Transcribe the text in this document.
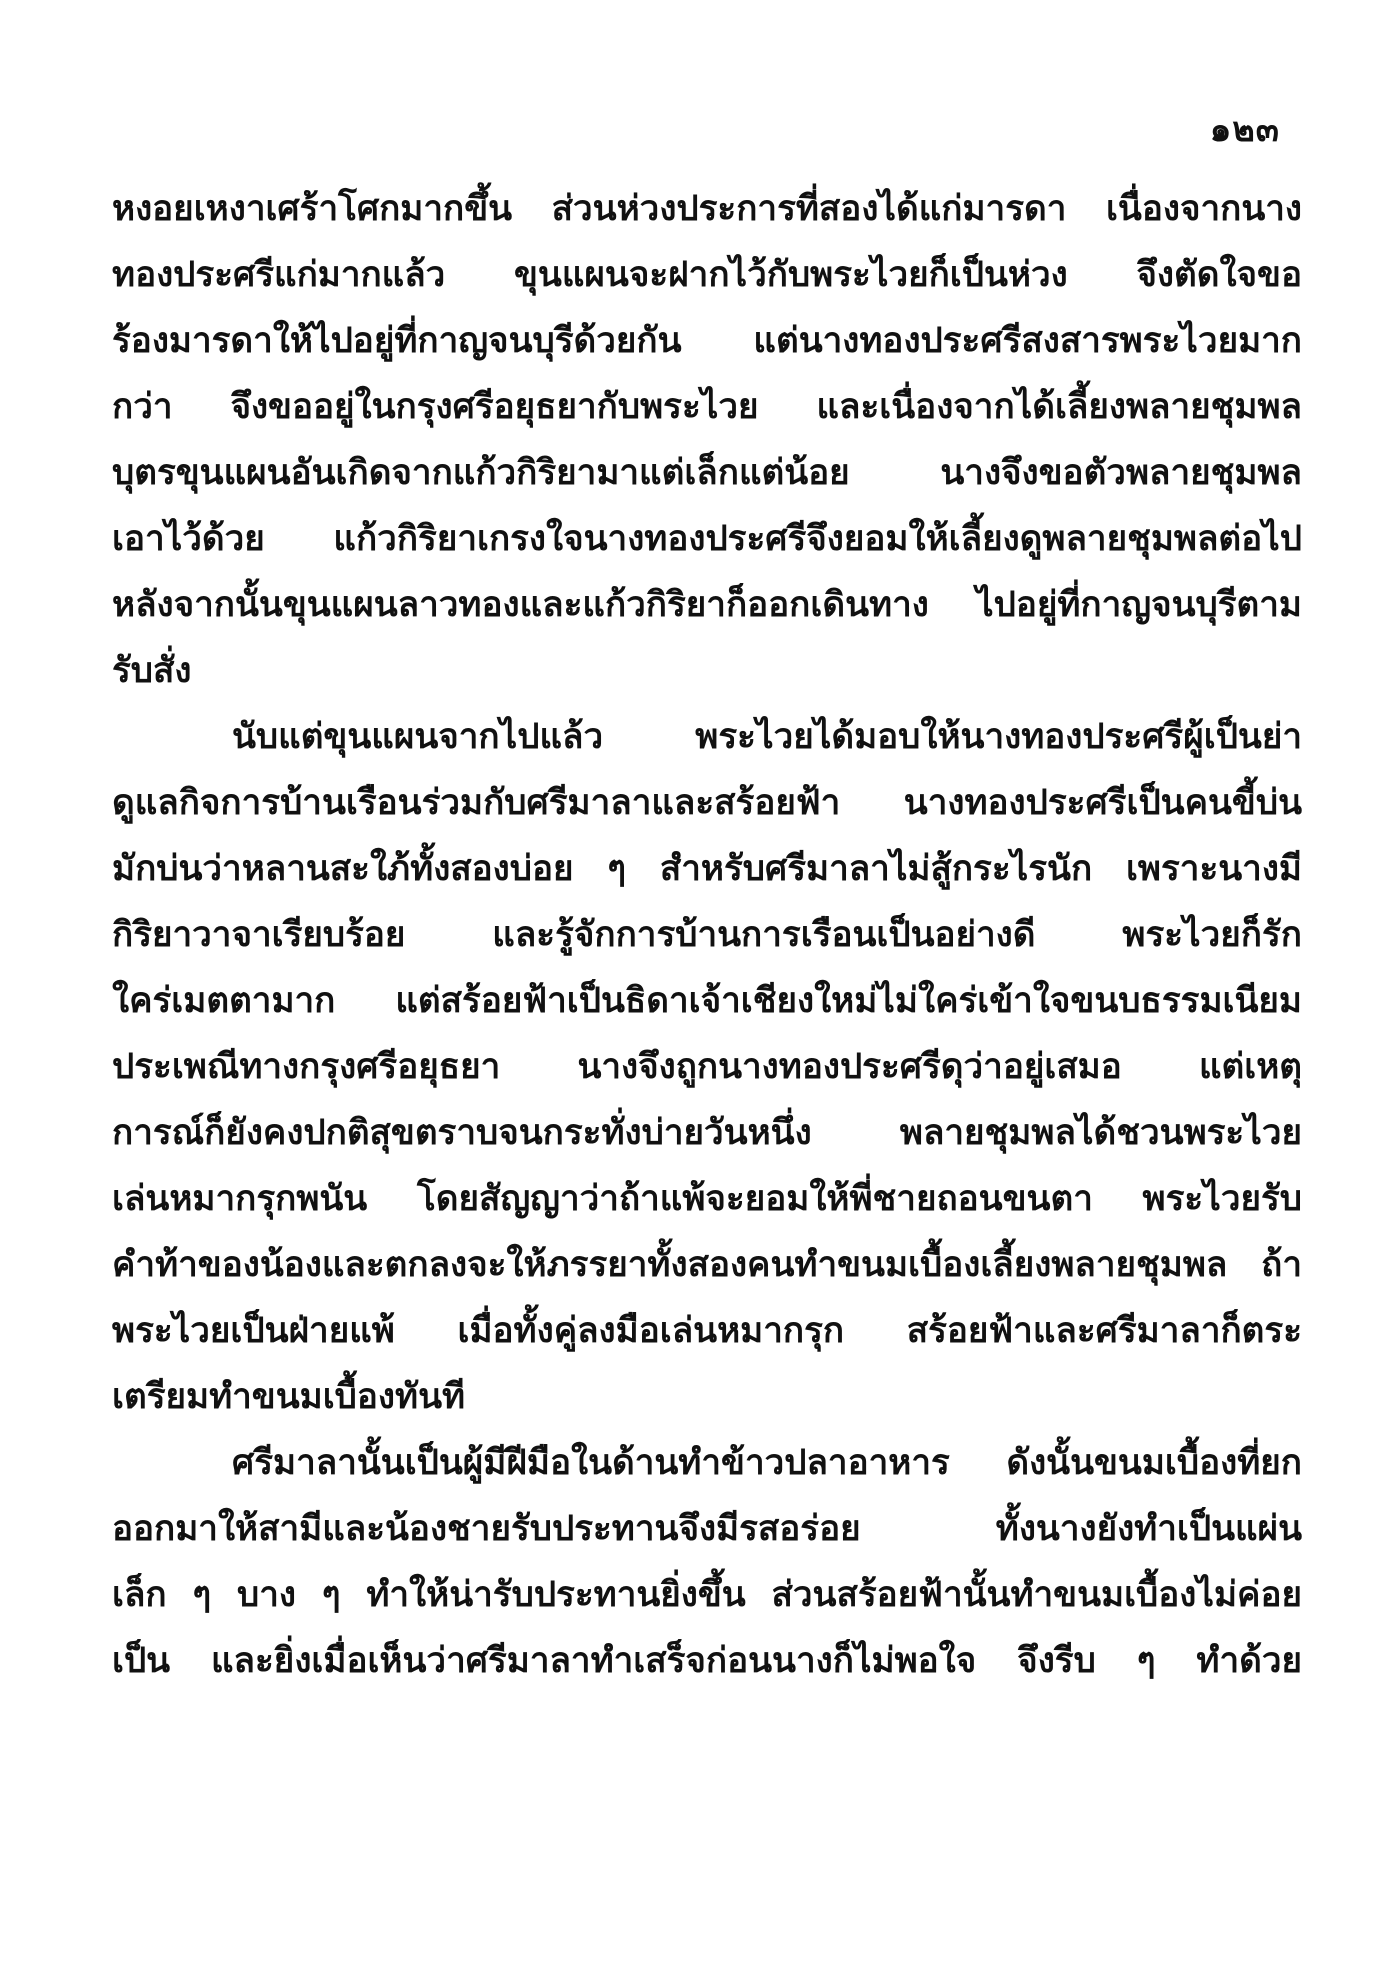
๑๒๓
หงอยเหงาเศร้าโศกมากขึ้น ส่วนห่วงประการที่สองได้แก่มารดา เนื่องจากนาง
ทองประศรีแก่มากแล้ว ขุนแผนจะฝากไว้กับพระไวยก็เป็นห่วง จึงตัดใจขอ
ร้องมารดาให้ไปอยู่ที่กาญจนบุรีด้วยกัน แต่นางทองประศรีสงสารพระไวยมาก
กว่า จึงขออยู่ในกรุงศรีอยุธยากับพระไวย และเนื่องจากได้เลี้ยงพลายชุมพล
บุตรขุนแผนอันเกิดจากแก้วกิริยามาแต่เล็กแต่น้อย นางจึงขอตัวพลายชุมพล
เอาไว้ด้วย แก้วกิริยาเกรงใจนางทองประศรีจึงยอมให้เลี้ยงดูพลายชุมพลต่อไป
หลังจากนั้นขุนแผนลาวทองและแก้วกิริยาก็ออกเดินทาง ไปอยู่ที่กาญจนบุรีตาม
รับสั่ง
นับแต่ขุนแผนจากไปแล้ว พระไวยได้มอบให้นางทองประศรีผู้เป็นย่า
ดูแลกิจการบ้านเรือนร่วมกับศรีมาลาและสร้อยฟ้า นางทองประศรีเป็นคนขี้บ่น
มักบ่นว่าหลานสะใภ้ทั้งสองบ่อย ๆ สำหรับศรีมาลาไม่สู้กระไรนัก เพราะนางมี
กิริยาวาจาเรียบร้อย และรู้จักการบ้านการเรือนเป็นอย่างดี พระไวยก็รัก
ใคร่เมตตามาก แต่สร้อยฟ้าเป็นธิดาเจ้าเชียงใหม่ไม่ใคร่เข้าใจขนบธรรมเนียม
ประเพณีทางกรุงศรีอยุธยา นางจึงถูกนางทองประศรีดุว่าอยู่เสมอ แต่เหตุ
การณ์ก็ยังคงปกติสุขตราบจนกระทั่งบ่ายวันหนึ่ง พลายชุมพลได้ชวนพระไวย
เล่นหมากรุกพนัน โดยสัญญาว่าถ้าแพ้จะยอมให้พี่ชายถอนขนตา พระไวยรับ
คำท้าของน้องและตกลงจะให้ภรรยาทั้งสองคนทำขนมเบื้องเลี้ยงพลายชุมพล ถ้า
พระไวยเป็นฝ่ายแพ้ เมื่อทั้งคู่ลงมือเล่นหมากรุก สร้อยฟ้าและศรีมาลาก็ตระ
เตรียมทำขนมเบื้องทันที
ศรีมาลานั้นเป็นผู้มีฝีมือในด้านทำข้าวปลาอาหาร ดังนั้นขนมเบื้องที่ยก
ออกมาให้สามีและน้องชายรับประทานจึงมีรสอร่อย ทั้งนางยังทำเป็นแผ่น
เล็ก ๆ บาง ๆ ทำให้น่ารับประทานยิ่งขึ้น ส่วนสร้อยฟ้านั้นทำขนมเบื้องไม่ค่อย
เป็น และยิ่งเมื่อเห็นว่าศรีมาลาทำเสร็จก่อนนางก็ไม่พอใจ จึงรีบ ๆ ทำด้วย
